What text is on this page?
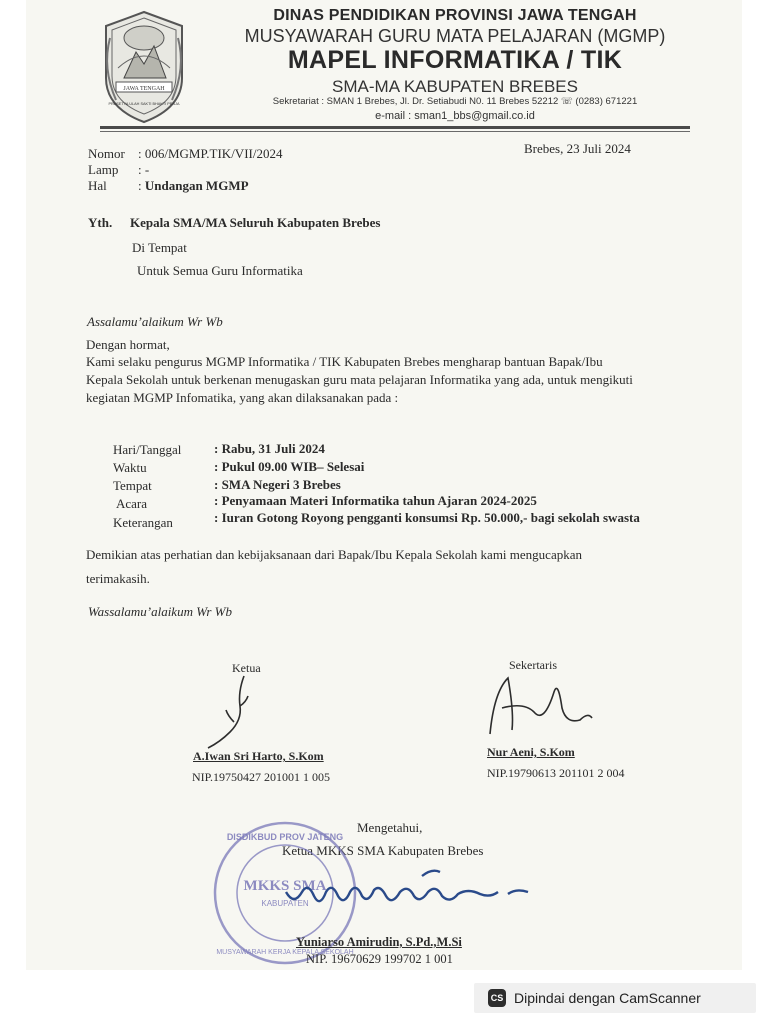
JAWA TENGAH
PRASETYA ULAH SAKTI BHAKTI PRAJA
DINAS PENDIDIKAN PROVINSI JAWA TENGAH
MUSYAWARAH GURU MATA PELAJARAN (MGMP)
MAPEL INFORMATIKA / TIK
SMA-MA KABUPATEN BREBES
Sekretariat : SMAN 1 Brebes, Jl. Dr. Setiabudi N0. 11 Brebes 52212 ☏ (0283) 671221
e-mail : sman1_bbs@gmail.co.id
Brebes, 23 Juli 2024
Nomor	: 006/MGMP.TIK/VII/2024
Lamp	: -
Hal	: Undangan MGMP
Yth. Kepala SMA/MA Seluruh Kabupaten Brebes
Di Tempat
Untuk Semua Guru Informatika
Assalamu’alaikum Wr Wb
Dengan hormat,
Kami selaku pengurus MGMP Informatika / TIK Kabupaten Brebes mengharap bantuan Bapak/Ibu
Kepala Sekolah untuk berkenan menugaskan guru mata pelajaran Informatika yang ada, untuk mengikuti
kegiatan MGMP Infomatika, yang akan dilaksanakan pada :
Hari/Tanggal	: Rabu, 31 Juli 2024
Waktu	: Pukul 09.00 WIB– Selesai
Tempat	: SMA Negeri 3 Brebes
Acara	: Penyamaan Materi Informatika tahun Ajaran 2024-2025
Keterangan	: Iuran Gotong Royong pengganti konsumsi Rp. 50.000,- bagi sekolah swasta
Demikian atas perhatian dan kebijaksanaan dari Bapak/Ibu Kepala Sekolah kami mengucapkan
terimakasih.
Wassalamu’alaikum Wr Wb
Ketua
A.Iwan Sri Harto, S.Kom
NIP.19750427 201001 1 005
Sekertaris
Nur Aeni, S.Kom
NIP.19790613 201101 2 004
Mengetahui,
Ketua MKKS SMA Kabupaten Brebes
DISDIKBUD PROV JATENG
MKKS SMA
KABUPATEN
MUSYAWARAH KERJA KEPALA SEKOLAH
Yuniarso Amirudin, S.Pd.,M.Si
NIP. 19670629 199702 1 001
CS Dipindai dengan CamScanner
